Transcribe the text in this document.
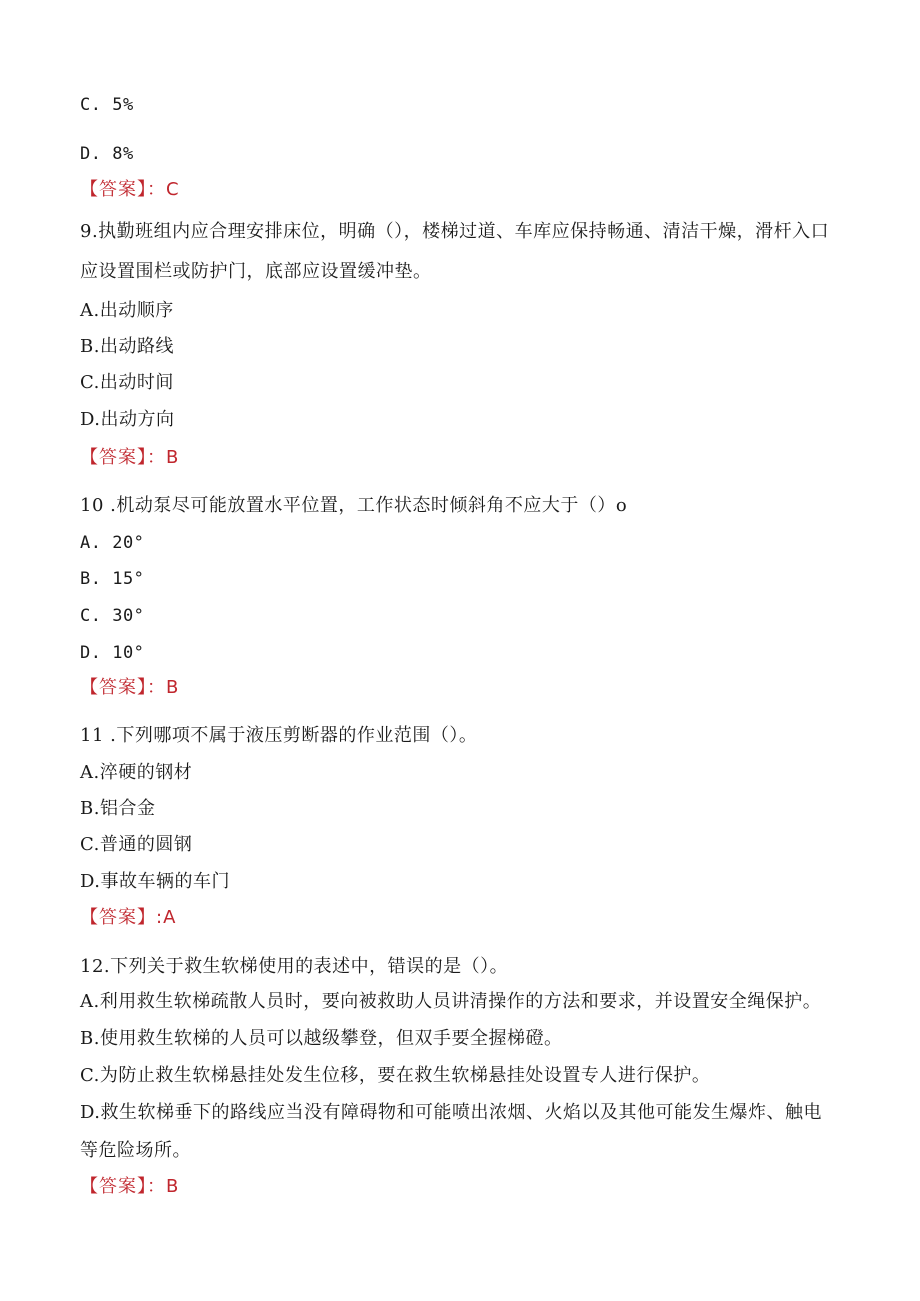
C. 5%
D. 8%
【答案】：C
9.执勤班组内应合理安排床位，明确（），楼梯过道、车库应保持畅通、清洁干燥，滑杆入口应设置围栏或防护门，底部应设置缓冲垫。
A.出动顺序
B.出动路线
C.出动时间
D.出动方向
【答案】：B
10 .机动泵尽可能放置水平位置，工作状态时倾斜角不应大于（）o
A. 20°
B. 15°
C. 30°
D. 10°
【答案】：B
11 .下列哪项不属于液压剪断器的作业范围（）。
A.淬硬的钢材
B.铝合金
C.普通的圆钢
D.事故车辆的车门
【答案】:A
12.下列关于救生软梯使用的表述中，错误的是（）。
A.利用救生软梯疏散人员时，要向被救助人员讲清操作的方法和要求，并设置安全绳保护。
B.使用救生软梯的人员可以越级攀登，但双手要全握梯磴。
C.为防止救生软梯悬挂处发生位移，要在救生软梯悬挂处设置专人进行保护。
D.救生软梯垂下的路线应当没有障碍物和可能喷出浓烟、火焰以及其他可能发生爆炸、触电等危险场所。
【答案】：B
